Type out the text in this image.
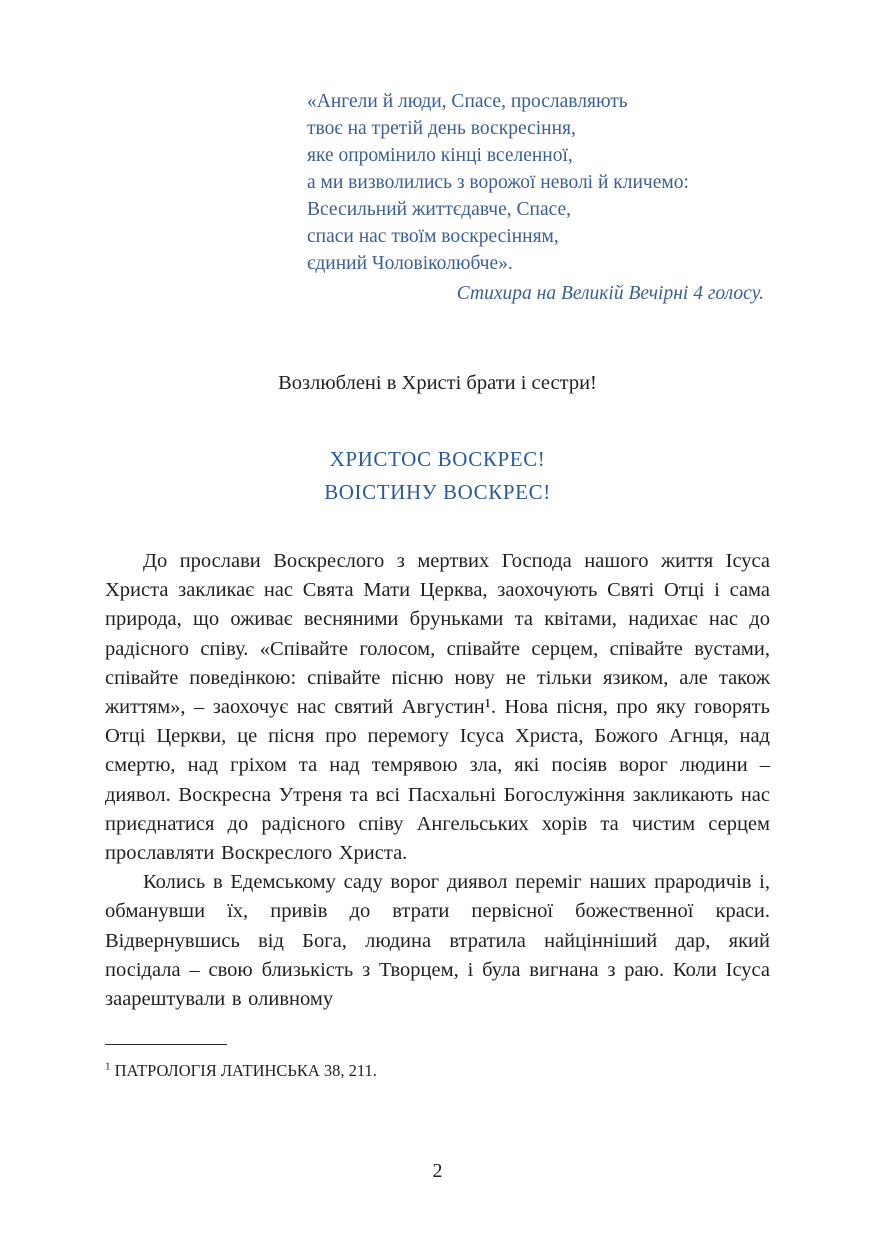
«Ангели й люди, Спасе, прославляють
твоє на третій день воскресіння,
яке опромінило кінці вселенної,
а ми визволились з ворожої неволі й кличемо:
Всесильний життєдавче, Спасе,
спаси нас твоїм воскресінням,
єдиний Чоловіколюбче».
Стихира на Великій Вечірні 4 голосу.
Возлюблені в Христі брати і сестри!
ХРИСТОС ВОСКРЕС!
ВОІСТИНУ ВОСКРЕС!

До прослави Воскреслого з мертвих Господа нашого життя Ісуса Христа закликає нас Свята Мати Церква, заохочують Святі Отці і сама природа, що оживає весняними бруньками та квітами, надихає нас до радісного співу. «Співайте голосом, співайте серцем, співайте вустами, співайте поведінкою: співайте пісню нову не тільки язиком, але також життям», – заохочує нас святий Августин¹. Нова пісня, про яку говорять Отці Церкви, це пісня про перемогу Ісуса Христа, Божого Агнця, над смертю, над гріхом та над темрявою зла, які посіяв ворог людини – диявол. Воскресна Утреня та всі Пасхальні Богослужіння закликають нас приєднатися до радісного співу Ангельських хорів та чистим серцем прославляти Воскреслого Христа.

Колись в Едемському саду ворог диявол переміг наших прародичів і, обманувши їх, привів до втрати первісної божественної краси. Відвернувшись від Бога, людина втратила найцінніший дар, який посідала – свою близькість з Творцем, і була вигнана з раю. Коли Ісуса заарештували в оливному

$^1$ ПАТРОЛОГІЯ ЛАТИНСЬКА 38, 211.
2
